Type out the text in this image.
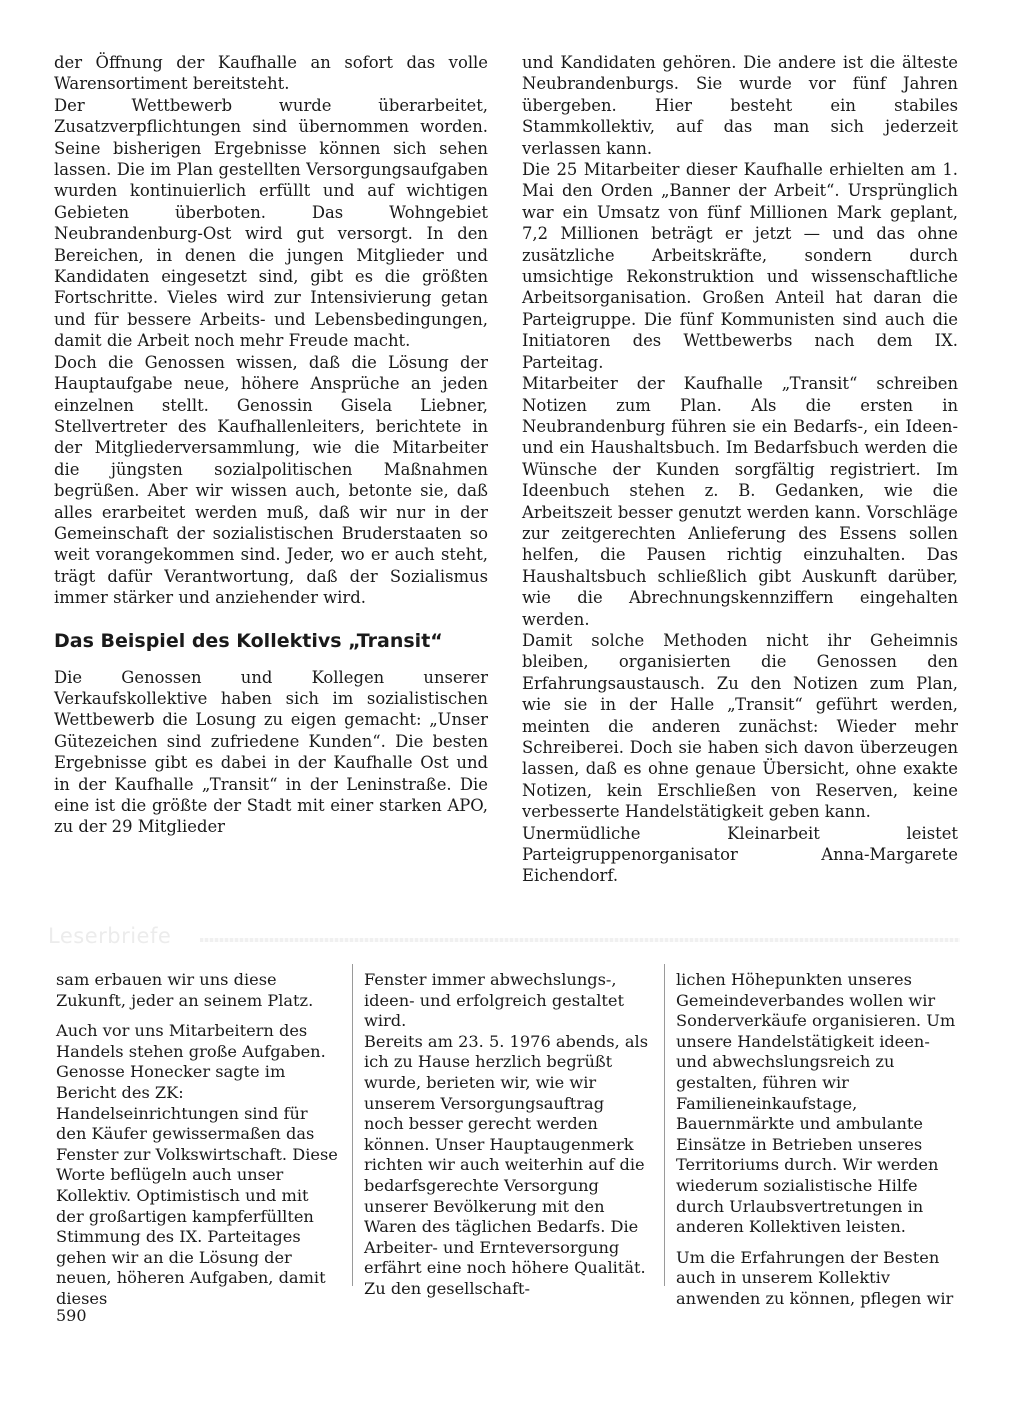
der Öffnung der Kaufhalle an sofort das volle Warensortiment bereitsteht.

Der Wettbewerb wurde überarbeitet, Zusatzverpflichtungen sind übernommen worden. Seine bisherigen Ergebnisse können sich sehen lassen. Die im Plan gestellten Versorgungsaufgaben wurden kontinuierlich erfüllt und auf wichtigen Gebieten überboten. Das Wohngebiet Neubrandenburg-Ost wird gut versorgt. In den Bereichen, in denen die jungen Mitglieder und Kandidaten eingesetzt sind, gibt es die größten Fortschritte. Vieles wird zur Intensivierung getan und für bessere Arbeits- und Lebensbedingungen, damit die Arbeit noch mehr Freude macht.

Doch die Genossen wissen, daß die Lösung der Hauptaufgabe neue, höhere Ansprüche an jeden einzelnen stellt. Genossin Gisela Liebner, Stellvertreter des Kaufhallenleiters, berichtete in der Mitgliederversammlung, wie die Mitarbeiter die jüngsten sozialpolitischen Maßnahmen begrüßen. Aber wir wissen auch, betonte sie, daß alles erarbeitet werden muß, daß wir nur in der Gemeinschaft der sozialistischen Bruderstaaten so weit vorangekommen sind. Jeder, wo er auch steht, trägt dafür Verantwortung, daß der Sozialismus immer stärker und anziehender wird.

Das Beispiel des Kollektivs „Transit“

Die Genossen und Kollegen unserer Verkaufskollektive haben sich im sozialistischen Wettbewerb die Losung zu eigen gemacht: „Unser Gütezeichen sind zufriedene Kunden“. Die besten Ergebnisse gibt es dabei in der Kaufhalle Ost und in der Kaufhalle „Transit“ in der Leninstraße. Die eine ist die größte der Stadt mit einer starken APO, zu der 29 Mitglieder

und Kandidaten gehören. Die andere ist die älteste Neubrandenburgs. Sie wurde vor fünf Jahren übergeben. Hier besteht ein stabiles Stammkollektiv, auf das man sich jederzeit verlassen kann.

Die 25 Mitarbeiter dieser Kaufhalle erhielten am 1. Mai den Orden „Banner der Arbeit“. Ursprünglich war ein Umsatz von fünf Millionen Mark geplant, 7,2 Millionen beträgt er jetzt — und das ohne zusätzliche Arbeitskräfte, sondern durch umsichtige Rekonstruktion und wissenschaftliche Arbeitsorganisation. Großen Anteil hat daran die Parteigruppe. Die fünf Kommunisten sind auch die Initiatoren des Wettbewerbs nach dem IX. Parteitag.

Mitarbeiter der Kaufhalle „Transit“ schreiben Notizen zum Plan. Als die ersten in Neubrandenburg führen sie ein Bedarfs-, ein Ideen- und ein Haushaltsbuch. Im Bedarfsbuch werden die Wünsche der Kunden sorgfältig registriert. Im Ideenbuch stehen z. B. Gedanken, wie die Arbeitszeit besser genutzt werden kann. Vorschläge zur zeitgerechten Anlieferung des Essens sollen helfen, die Pausen richtig einzuhalten. Das Haushaltsbuch schließlich gibt Auskunft darüber, wie die Abrechnungskennziffern eingehalten werden.

Damit solche Methoden nicht ihr Geheimnis bleiben, organisierten die Genossen den Erfahrungsaustausch. Zu den Notizen zum Plan, wie sie in der Halle „Transit“ geführt werden, meinten die anderen zunächst: Wieder mehr Schreiberei. Doch sie haben sich davon überzeugen lassen, daß es ohne genaue Übersicht, ohne exakte Notizen, kein Erschließen von Reserven, keine verbesserte Handelstätigkeit geben kann.

Unermüdliche Kleinarbeit leistet Parteigruppenorganisator Anna-Margarete Eichendorf.

Leserbriefe

sam erbauen wir uns diese Zukunft, jeder an seinem Platz.

Auch vor uns Mitarbeitern des Handels stehen große Aufgaben. Genosse Honecker sagte im Bericht des ZK: Handelseinrichtungen sind für den Käufer gewissermaßen das Fenster zur Volkswirtschaft. Diese Worte beflügeln auch unser Kollektiv. Optimistisch und mit der großartigen kampferfüllten Stimmung des IX. Parteitages gehen wir an die Lösung der neuen, höheren Aufgaben, damit dieses

Fenster immer abwechslungs-, ideen- und erfolgreich gestaltet wird.

Bereits am 23. 5. 1976 abends, als ich zu Hause herzlich begrüßt wurde, berieten wir, wie wir unserem Versorgungsauftrag noch besser gerecht werden können. Unser Hauptaugenmerk richten wir auch weiterhin auf die bedarfsgerechte Versorgung unserer Bevölkerung mit den Waren des täglichen Bedarfs. Die Arbeiter- und Ernteversorgung erfährt eine noch höhere Qualität. Zu den gesellschaft-

lichen Höhepunkten unseres Gemeindeverbandes wollen wir Sonderverkäufe organisieren. Um unsere Handelstätigkeit ideen- und abwechslungsreich zu gestalten, führen wir Familieneinkaufstage, Bauernmärkte und ambulante Einsätze in Betrieben unseres Territoriums durch. Wir werden wiederum sozialistische Hilfe durch Urlaubsvertretungen in anderen Kollektiven leisten.

Um die Erfahrungen der Besten auch in unserem Kollektiv anwenden zu können, pflegen wir

590
